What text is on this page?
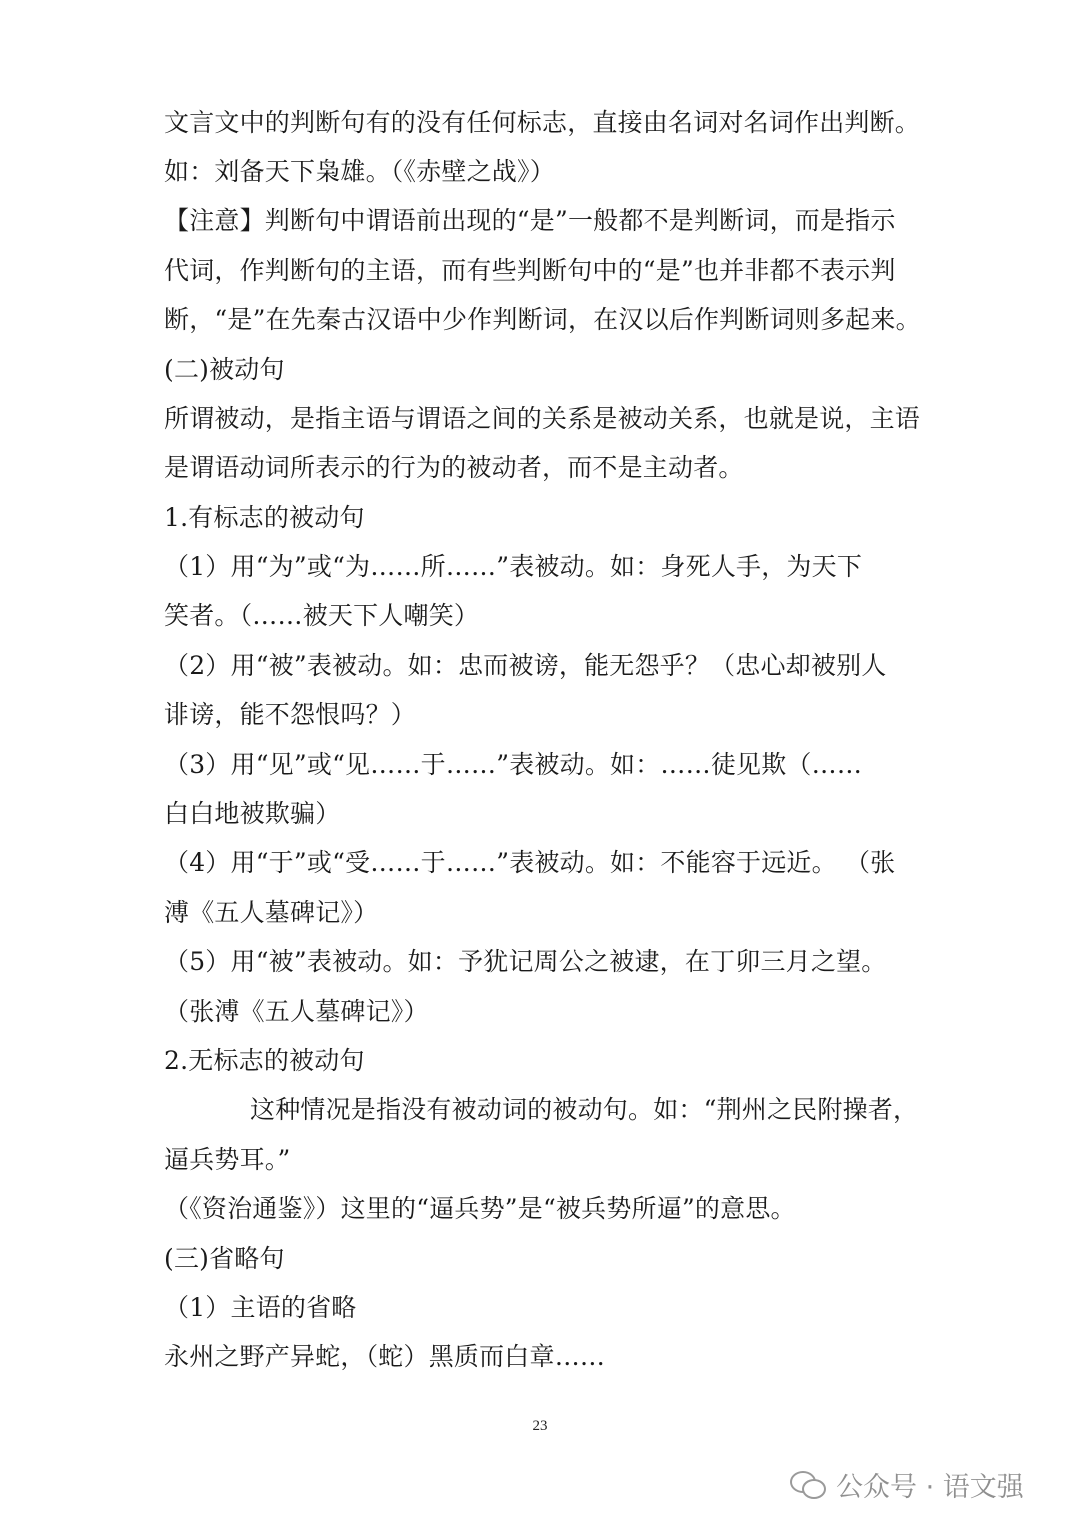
文言文中的判断句有的没有任何标志，直接由名词对名词作出判断。
如：刘备天下枭雄。（《赤壁之战》）
【注意】判断句中谓语前出现的“是”一般都不是判断词，而是指示
代词，作判断句的主语，而有些判断句中的“是”也并非都不表示判
断，“是”在先秦古汉语中少作判断词，在汉以后作判断词则多起来。
(二)被动句
所谓被动，是指主语与谓语之间的关系是被动关系，也就是说，主语
是谓语动词所表示的行为的被动者，而不是主动者。
1.有标志的被动句
（1）用“为”或“为……所……”表被动。如：身死人手，为天下
笑者。（……被天下人嘲笑）
（2）用“被”表被动。如：忠而被谤，能无怨乎？（忠心却被别人
诽谤，能不怨恨吗？）
（3）用“见”或“见……于……”表被动。如：……徒见欺（……
白白地被欺骗）
（4）用“于”或“受……于……”表被动。如：不能容于远近。 （张
溥《五人墓碑记》）
（5）用“被”表被动。如：予犹记周公之被逮，在丁卯三月之望。
（张溥《五人墓碑记》）
2.无标志的被动句
这种情况是指没有被动词的被动句。如：“荆州之民附操者，
逼兵势耳。”
（《资治通鉴》）这里的“逼兵势”是“被兵势所逼”的意思。
(三)省略句
（1）主语的省略
永州之野产异蛇，（蛇）黑质而白章……
23
公众号 · 语文强
